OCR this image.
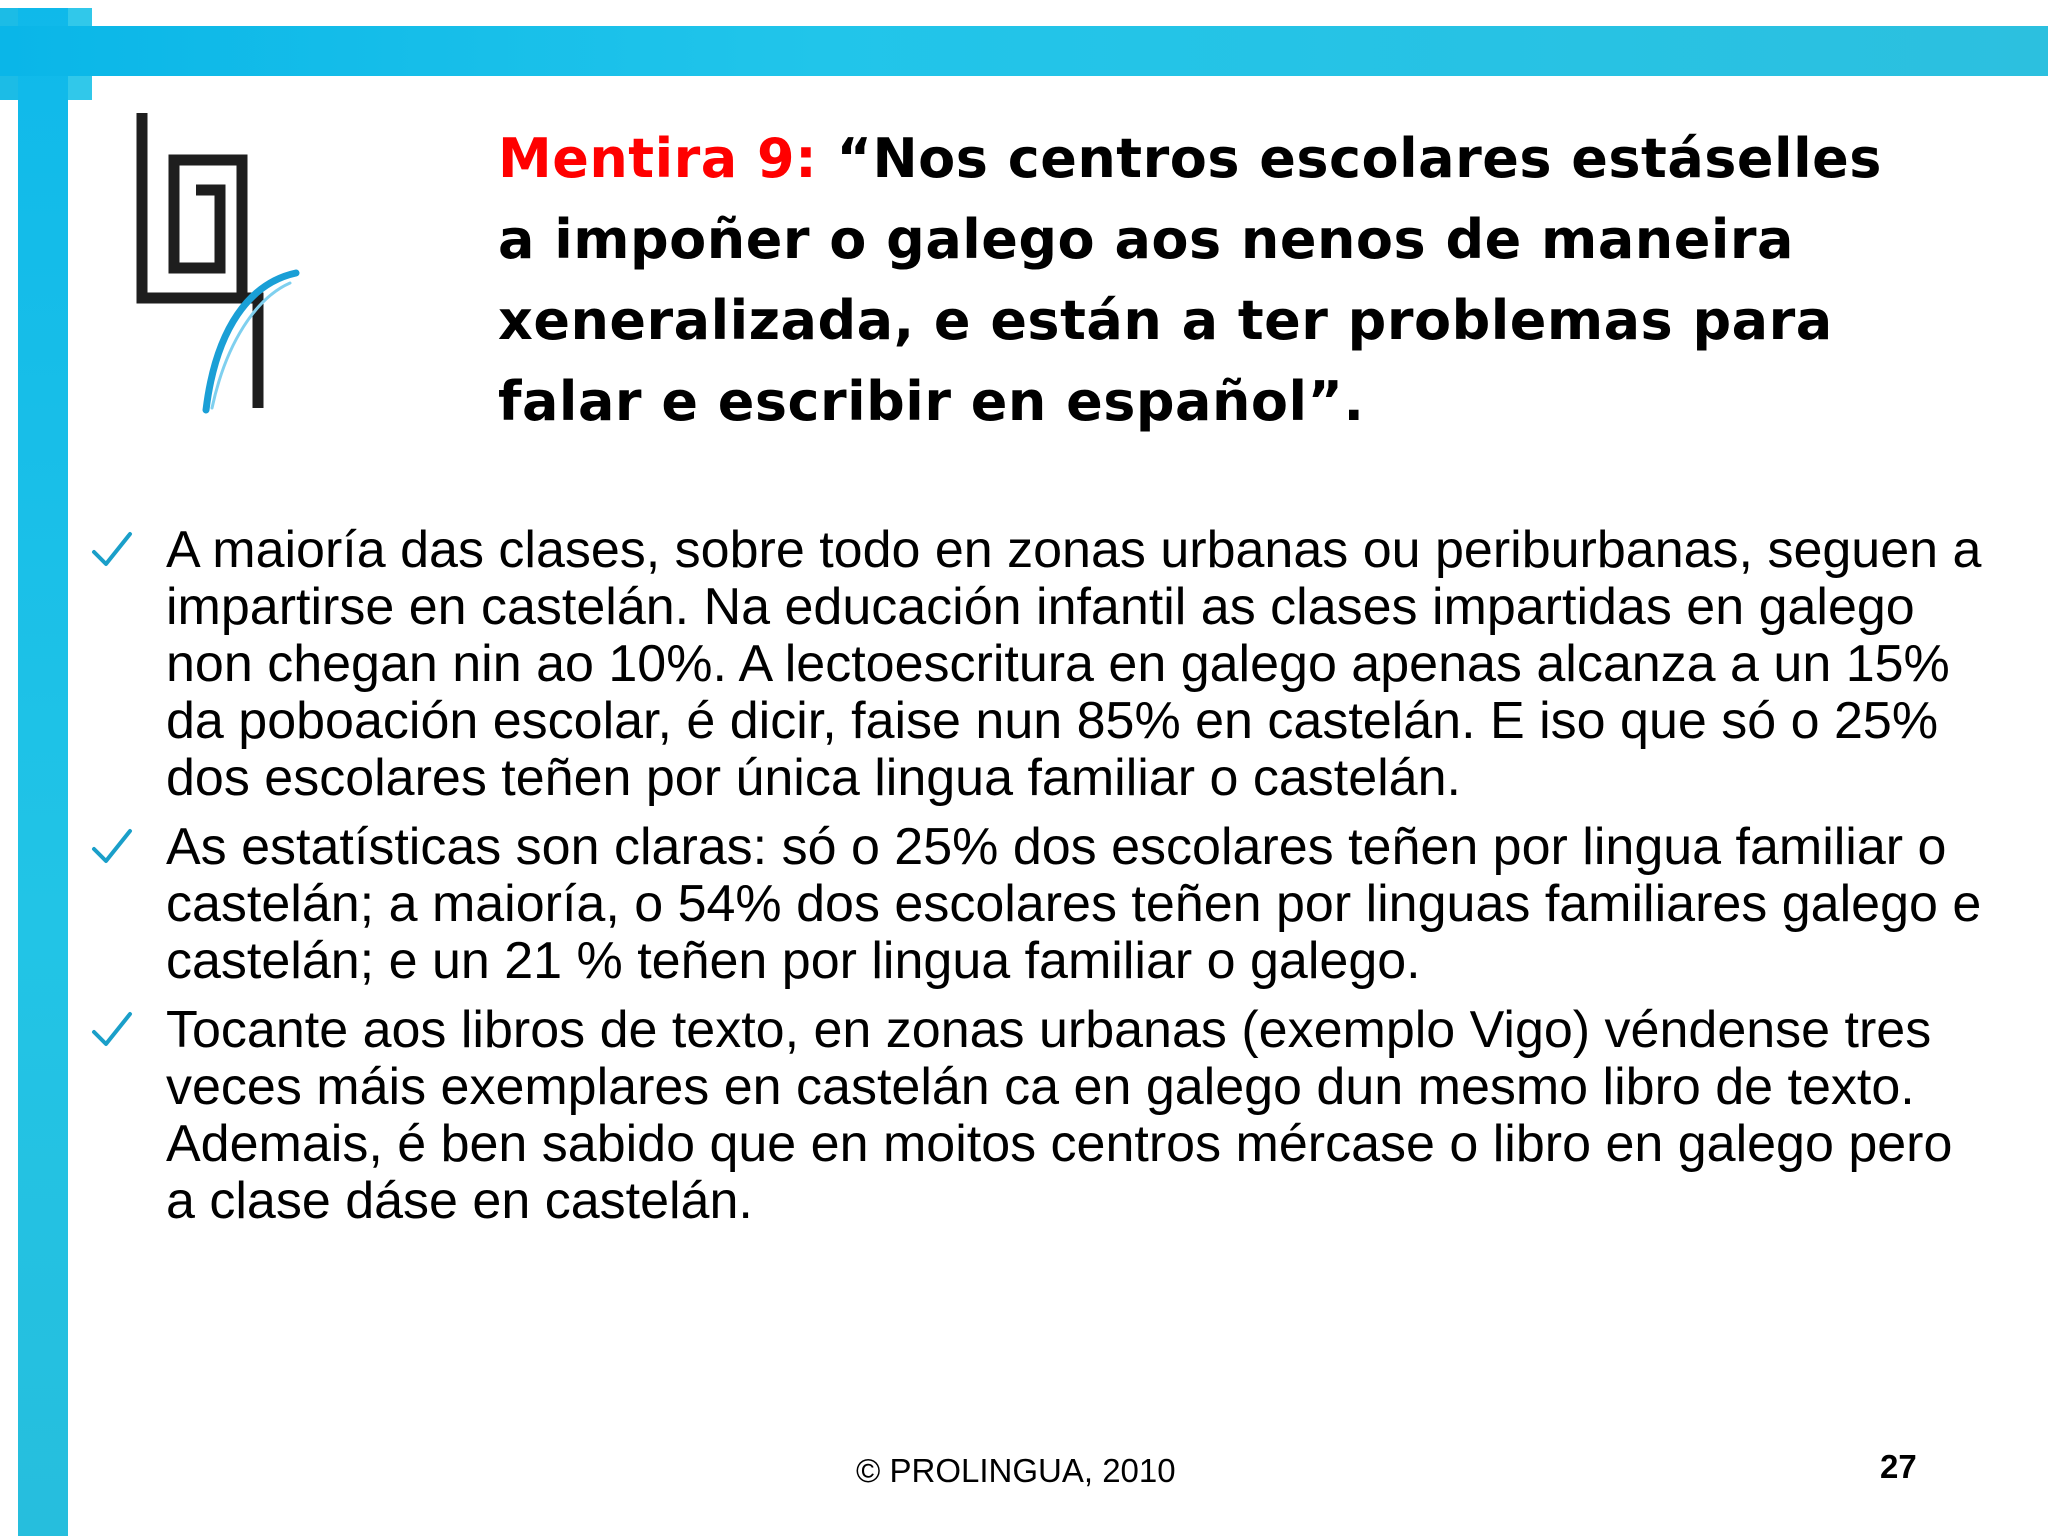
Mentira 9: “Nos centros escolares estáselles a impoñer o galego aos nenos de maneira xeneralizada, e están a ter problemas para falar e escribir en español”.
A maioría das clases, sobre todo en zonas urbanas ou periburbanas, seguen a impartirse en castelán. Na educación infantil as clases impartidas en galego non chegan nin ao 10%. A lectoescritura en galego apenas alcanza a un 15% da poboación escolar, é dicir, faise nun 85% en castelán. E iso que só o 25% dos escolares teñen por única lingua familiar o castelán.
As estatísticas son claras: só o 25% dos escolares teñen por lingua familiar o castelán; a maioría, o 54% dos escolares teñen por linguas familiares galego e castelán; e un 21 % teñen por lingua familiar o galego.
Tocante aos libros de texto, en zonas urbanas (exemplo Vigo) véndense tres veces máis exemplares en castelán ca en galego dun mesmo libro de texto. Ademais, é ben sabido que en moitos centros mércase o libro en galego pero a clase dáse en castelán.
© PROLINGUA, 2010	27
